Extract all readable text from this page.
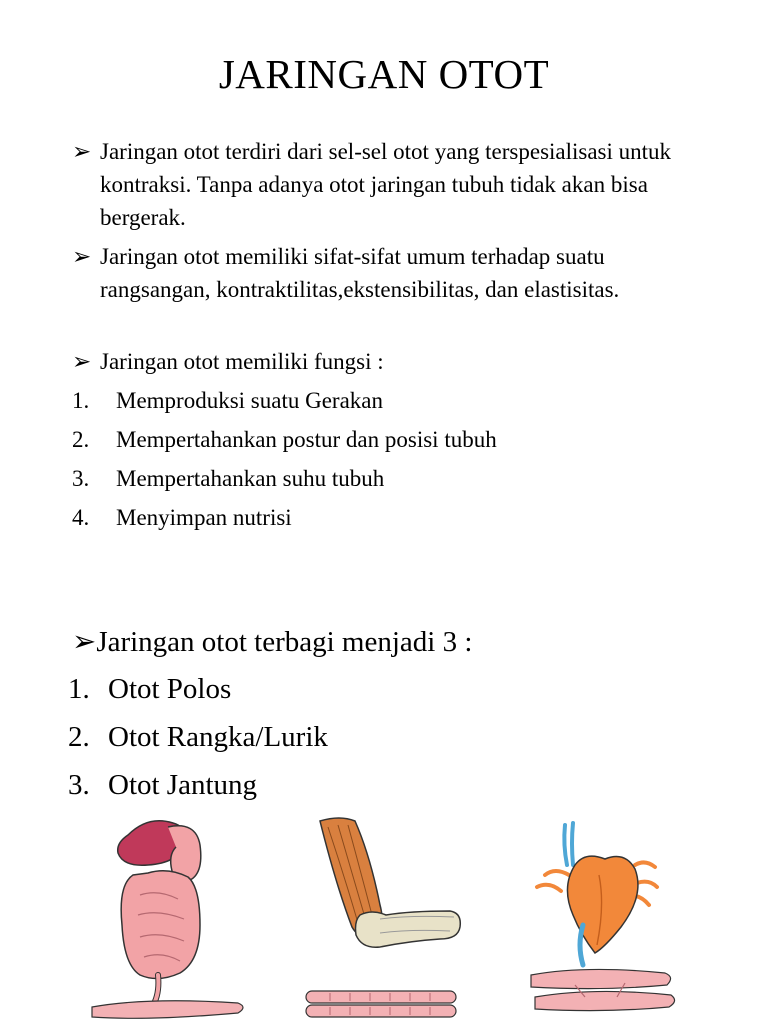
JARINGAN OTOT
➢ Jaringan otot terdiri dari sel-sel otot yang terspesialisasi untuk kontraksi. Tanpa adanya otot jaringan tubuh tidak akan bisa bergerak.
➢ Jaringan otot memiliki sifat-sifat umum terhadap suatu rangsangan, kontraktilitas,ekstensibilitas, dan elastisitas.
➢ Jaringan otot memiliki fungsi :
1. Memproduksi suatu Gerakan
2. Mempertahankan postur dan posisi tubuh
3. Mempertahankan suhu tubuh
4. Menyimpan nutrisi
➢Jaringan otot terbagi menjadi 3 :
1. Otot Polos
2. Otot Rangka/Lurik
3. Otot Jantung
